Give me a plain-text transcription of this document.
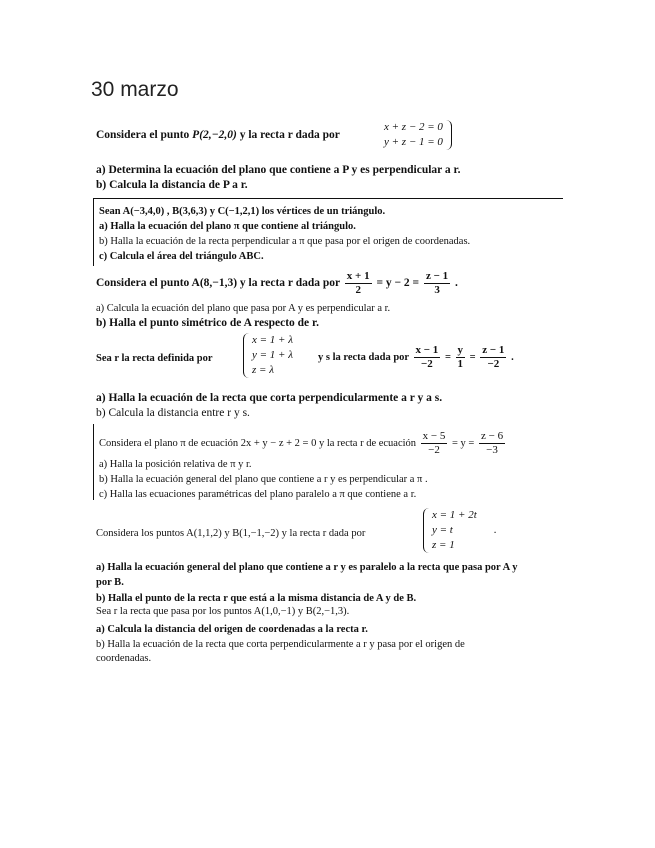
30 marzo
Considera el punto P(2,−2,0) y la recta r dada por
x + z − 2 = 0
y + z − 1 = 0
a) Determina la ecuación del plano que contiene a P y es perpendicular a r.
b) Calcula la distancia de P a r.
Sean A(−3,4,0) , B(3,6,3) y C(−1,2,1) los vértices de un triángulo.
a) Halla la ecuación del plano π que contiene al triángulo.
b) Halla la ecuación de la recta perpendicular a π que pasa por el origen de coordenadas.
c) Calcula el área del triángulo ABC.
Considera el punto A(8,−1,3) y la recta r dada por $\frac{x + 1}{2} = y - 2 = \frac{z - 1}{3}$ .
a) Calcula la ecuación del plano que pasa por A y es perpendicular a r.
b) Halla el punto simétrico de A respecto de r.
Sea r la recta definida por
x = 1 + λ
y = 1 + λ
z = λ
y s la recta dada por $\frac{x - 1}{-2} = \frac{y}{1} = \frac{z - 1}{-2}$ .
a) Halla la ecuación de la recta que corta perpendicularmente a r y a s.
b) Calcula la distancia entre r y s.
Considera el plano π de ecuación 2x + y − z + 2 = 0 y la recta r de ecuación $\frac{x - 5}{-2} = y = \frac{z - 6}{-3}$
a) Halla la posición relativa de π y r.
b) Halla la ecuación general del plano que contiene a r y es perpendicular a π .
c) Halla las ecuaciones paramétricas del plano paralelo a π que contiene a r.
Considera los puntos A(1,1,2) y B(1,−1,−2) y la recta r dada por
x = 1 + 2t
y = t
z = 1
.
a) Halla la ecuación general del plano que contiene a r y es paralelo a la recta que pasa por A y
por B.
b) Halla el punto de la recta r que está a la misma distancia de A y de B.
Sea r la recta que pasa por los puntos A(1,0,−1) y B(2,−1,3).
a) Calcula la distancia del origen de coordenadas a la recta r.
b) Halla la ecuación de la recta que corta perpendicularmente a r y pasa por el origen de
coordenadas.
